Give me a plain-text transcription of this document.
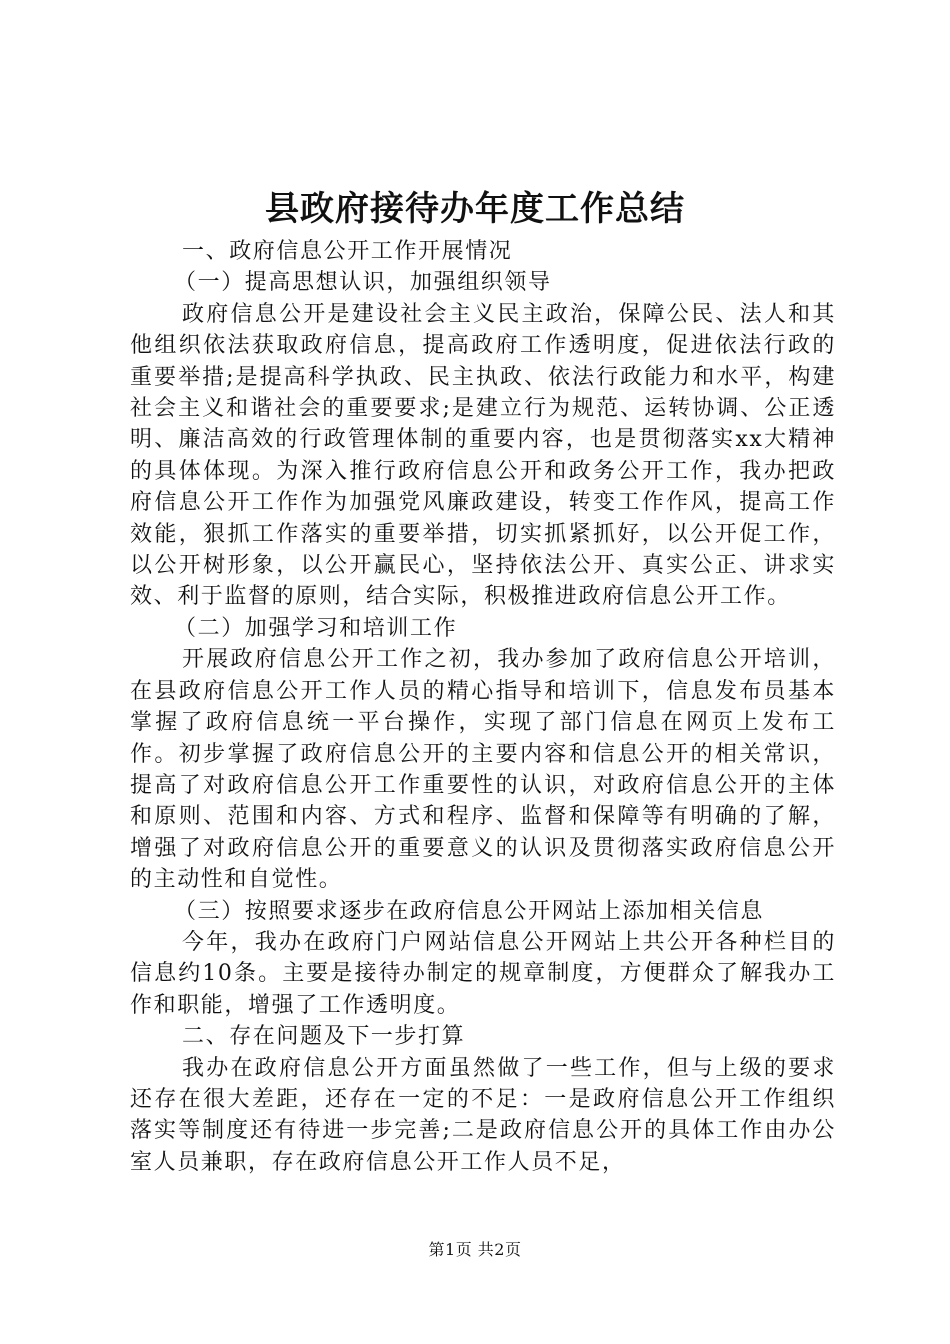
县政府接待办年度工作总结

一、政府信息公开工作开展情况

（一）提高思想认识，加强组织领导

政府信息公开是建设社会主义民主政治，保障公民、法人和其他组织依法获取政府信息，提高政府工作透明度，促进依法行政的重要举措;是提高科学执政、民主执政、依法行政能力和水平，构建社会主义和谐社会的重要要求;是建立行为规范、运转协调、公正透明、廉洁高效的行政管理体制的重要内容，也是贯彻落实xx大精神的具体体现。为深入推行政府信息公开和政务公开工作，我办把政府信息公开工作作为加强党风廉政建设，转变工作作风，提高工作效能，狠抓工作落实的重要举措，切实抓紧抓好，以公开促工作，以公开树形象，以公开赢民心，坚持依法公开、真实公正、讲求实效、利于监督的原则，结合实际，积极推进政府信息公开工作。

（二）加强学习和培训工作

开展政府信息公开工作之初，我办参加了政府信息公开培训，在县政府信息公开工作人员的精心指导和培训下，信息发布员基本掌握了政府信息统一平台操作，实现了部门信息在网页上发布工作。初步掌握了政府信息公开的主要内容和信息公开的相关常识，提高了对政府信息公开工作重要性的认识，对政府信息公开的主体和原则、范围和内容、方式和程序、监督和保障等有明确的了解，增强了对政府信息公开的重要意义的认识及贯彻落实政府信息公开的主动性和自觉性。

（三）按照要求逐步在政府信息公开网站上添加相关信息

今年，我办在政府门户网站信息公开网站上共公开各种栏目的信息约10条。主要是接待办制定的规章制度，方便群众了解我办工作和职能，增强了工作透明度。

二、存在问题及下一步打算

我办在政府信息公开方面虽然做了一些工作，但与上级的要求还存在很大差距，还存在一定的不足：一是政府信息公开工作组织落实等制度还有待进一步完善;二是政府信息公开的具体工作由办公室人员兼职，存在政府信息公开工作人员不足，

第1页 共2页
